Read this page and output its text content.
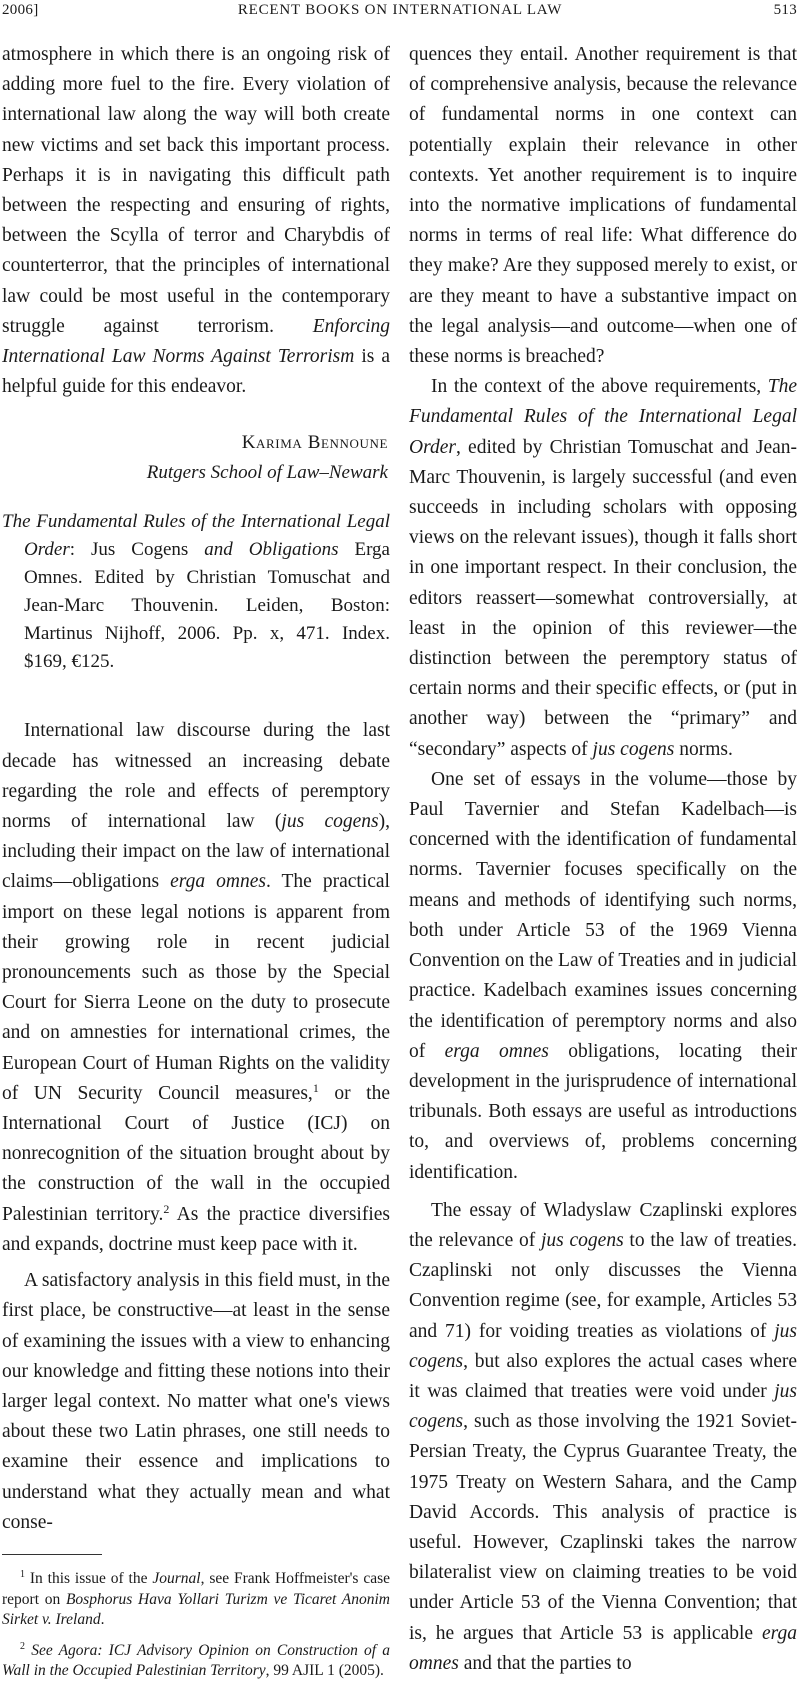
2006]	RECENT BOOKS ON INTERNATIONAL LAW	513

atmosphere in which there is an ongoing risk of adding more fuel to the fire. Every violation of international law along the way will both create new victims and set back this important process. Perhaps it is in navigating this difficult path between the respecting and ensuring of rights, between the Scylla of terror and Charybdis of counterterror, that the principles of international law could be most useful in the contemporary struggle against terrorism. Enforcing International Law Norms Against Terrorism is a helpful guide for this endeavor.

Karima Bennoune
Rutgers School of Law–Newark
The Fundamental Rules of the International Legal Order: Jus Cogens and Obligations Erga Omnes. Edited by Christian Tomuschat and Jean-Marc Thouvenin. Leiden, Boston: Martinus Nijhoff, 2006. Pp. x, 471. Index. $169, €125.

International law discourse during the last decade has witnessed an increasing debate regarding the role and effects of peremptory norms of international law (jus cogens), including their impact on the law of international claims—obligations erga omnes. The practical import on these legal notions is apparent from their growing role in recent judicial pronouncements such as those by the Special Court for Sierra Leone on the duty to prosecute and on amnesties for international crimes, the European Court of Human Rights on the validity of UN Security Council measures,$^1$ or the International Court of Justice (ICJ) on nonrecognition of the situation brought about by the construction of the wall in the occupied Palestinian territory.$^2$ As the practice diversifies and expands, doctrine must keep pace with it.

A satisfactory analysis in this field must, in the first place, be constructive—at least in the sense of examining the issues with a view to enhancing our knowledge and fitting these notions into their larger legal context. No matter what one's views about these two Latin phrases, one still needs to examine their essence and implications to understand what they actually mean and what conse-

$^1$ In this issue of the Journal, see Frank Hoffmeister's case report on Bosphorus Hava Yollari Turizm ve Ticaret Anonim Sirket v. Ireland.

$^2$ See Agora: ICJ Advisory Opinion on Construction of a Wall in the Occupied Palestinian Territory, 99 AJIL 1 (2005).

quences they entail. Another requirement is that of comprehensive analysis, because the relevance of fundamental norms in one context can potentially explain their relevance in other contexts. Yet another requirement is to inquire into the normative implications of fundamental norms in terms of real life: What difference do they make? Are they supposed merely to exist, or are they meant to have a substantive impact on the legal analysis—and outcome—when one of these norms is breached?

In the context of the above requirements, The Fundamental Rules of the International Legal Order, edited by Christian Tomuschat and Jean-Marc Thouvenin, is largely successful (and even succeeds in including scholars with opposing views on the relevant issues), though it falls short in one important respect. In their conclusion, the editors reassert—somewhat controversially, at least in the opinion of this reviewer—the distinction between the peremptory status of certain norms and their specific effects, or (put in another way) between the “primary” and “secondary” aspects of jus cogens norms.

One set of essays in the volume—those by Paul Tavernier and Stefan Kadelbach—is concerned with the identification of fundamental norms. Tavernier focuses specifically on the means and methods of identifying such norms, both under Article 53 of the 1969 Vienna Convention on the Law of Treaties and in judicial practice. Kadelbach examines issues concerning the identification of peremptory norms and also of erga omnes obligations, locating their development in the jurisprudence of international tribunals. Both essays are useful as introductions to, and overviews of, problems concerning identification.

The essay of Wladyslaw Czaplinski explores the relevance of jus cogens to the law of treaties. Czaplinski not only discusses the Vienna Convention regime (see, for example, Articles 53 and 71) for voiding treaties as violations of jus cogens, but also explores the actual cases where it was claimed that treaties were void under jus cogens, such as those involving the 1921 Soviet-Persian Treaty, the Cyprus Guarantee Treaty, the 1975 Treaty on Western Sahara, and the Camp David Accords. This analysis of practice is useful. However, Czaplinski takes the narrow bilateralist view on claiming treaties to be void under Article 53 of the Vienna Convention; that is, he argues that Article 53 is applicable erga omnes and that the parties to
